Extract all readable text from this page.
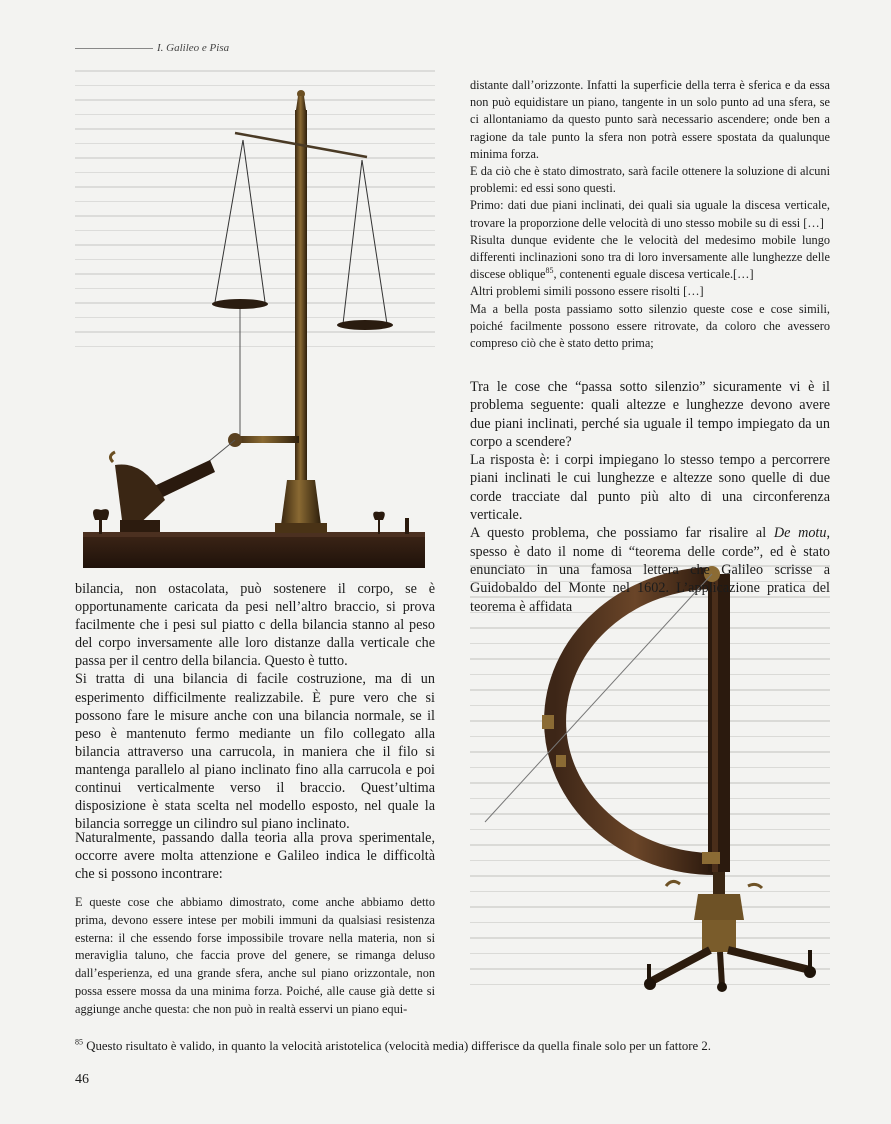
I. Galileo e Pisa

distante dall’orizzonte. Infatti la superficie della terra è sferica e da essa non può equidistare un piano, tangente in un solo punto ad una sfera, se ci allontaniamo da questo punto sarà necessario ascendere; onde ben a ragione da tale punto la sfera non potrà essere spostata da qualunque minima forza.

E da ciò che è stato dimostrato, sarà facile ottenere la soluzione di alcuni problemi: ed essi sono questi.

Primo: dati due piani inclinati, dei quali sia uguale la discesa verticale, trovare la proporzione delle velocità di uno stesso mobile su di essi […]

Risulta dunque evidente che le velocità del medesimo mobile lungo differenti inclinazioni sono tra di loro inversamente alle lunghezze delle discese oblique$^{85}$, contenenti eguale discesa verticale.[…]

Altri problemi simili possono essere risolti […]

Ma a bella posta passiamo sotto silenzio queste cose e cose simili, poiché facilmente possono essere ritrovate, da coloro che avessero compreso ciò che è stato detto prima;

Tra le cose che “passa sotto silenzio” sicuramente vi è il problema seguente: quali altezze e lunghezze devono avere due piani inclinati, perché sia uguale il tempo impiegato da un corpo a scendere?

La risposta è: i corpi impiegano lo stesso tempo a percorrere piani inclinati le cui lunghezze e altezze sono quelle di due corde tracciate dal punto più alto di una circonferenza verticale.

A questo problema, che possiamo far risalire al De motu, spesso è dato il nome di “teorema delle corde”, ed è stato enunciato in una famosa lettera che Galileo scrisse a Guidobaldo del Monte nel 1602. L’applicazione pratica del teorema è affidata

bilancia, non ostacolata, può sostenere il corpo, se è opportunamente caricata da pesi nell’altro braccio, si prova facilmente che i pesi sul piatto c della bilancia stanno al peso del corpo inversamente alle loro distanze dalla verticale che passa per il centro della bilancia. Questo è tutto.

Si tratta di una bilancia di facile costruzione, ma di un esperimento difficilmente realizzabile. È pure vero che si possono fare le misure anche con una bilancia normale, se il peso è mantenuto fermo mediante un filo collegato alla bilancia attraverso una carrucola, in maniera che il filo si mantenga parallelo al piano inclinato fino alla carrucola e poi continui verticalmente verso il braccio. Quest’ultima disposizione è stata scelta nel modello esposto, nel quale la bilancia sorregge un cilindro sul piano inclinato.

Naturalmente, passando dalla teoria alla prova sperimentale, occorre avere molta attenzione e Galileo indica le difficoltà che si possono incontrare:

E queste cose che abbiamo dimostrato, come anche abbiamo detto prima, devono essere intese per mobili immuni da qualsiasi resistenza esterna: il che essendo forse impossibile trovare nella materia, non si meraviglia taluno, che faccia prove del genere, se rimanga deluso dall’esperienza, ed una grande sfera, anche sul piano orizzontale, non possa essere mossa da una minima forza. Poiché, alle cause già dette si aggiunge anche questa: che non può in realtà esservi un piano equi-

$^{85}$ Questo risultato è valido, in quanto la velocità aristotelica (velocità media) differisce da quella finale solo per un fattore 2.
46
